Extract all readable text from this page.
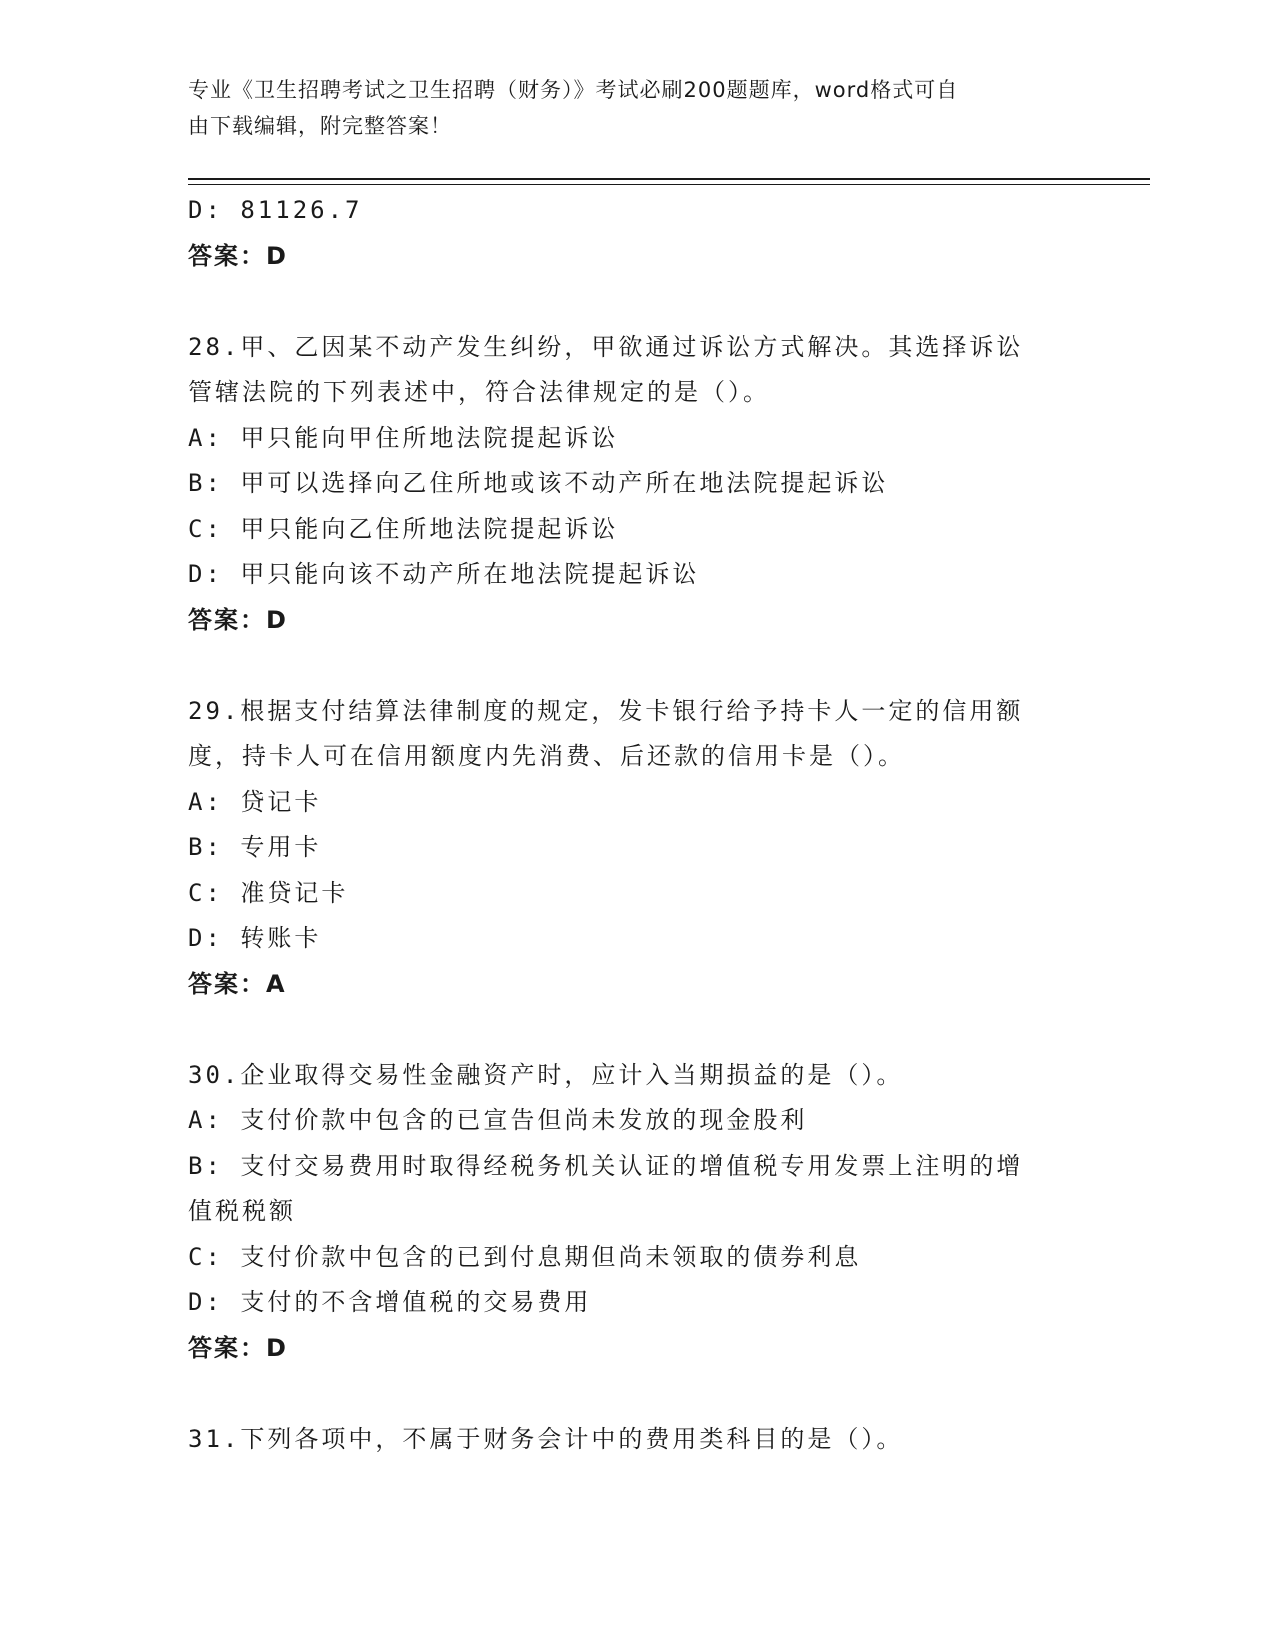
专业《卫生招聘考试之卫生招聘（财务）》考试必刷200题题库，word格式可自
由下载编辑，附完整答案！
D: 81126.7
答案：D
28.甲、乙因某不动产发生纠纷，甲欲通过诉讼方式解决。其选择诉讼
管辖法院的下列表述中，符合法律规定的是（）。
A: 甲只能向甲住所地法院提起诉讼
B: 甲可以选择向乙住所地或该不动产所在地法院提起诉讼
C: 甲只能向乙住所地法院提起诉讼
D: 甲只能向该不动产所在地法院提起诉讼
答案：D
29.根据支付结算法律制度的规定，发卡银行给予持卡人一定的信用额
度，持卡人可在信用额度内先消费、后还款的信用卡是（）。
A: 贷记卡
B: 专用卡
C: 准贷记卡
D: 转账卡
答案：A
30.企业取得交易性金融资产时，应计入当期损益的是（）。
A: 支付价款中包含的已宣告但尚未发放的现金股利
B: 支付交易费用时取得经税务机关认证的增值税专用发票上注明的增
值税税额
C: 支付价款中包含的已到付息期但尚未领取的债券利息
D: 支付的不含增值税的交易费用
答案：D
31.下列各项中，不属于财务会计中的费用类科目的是（）。
